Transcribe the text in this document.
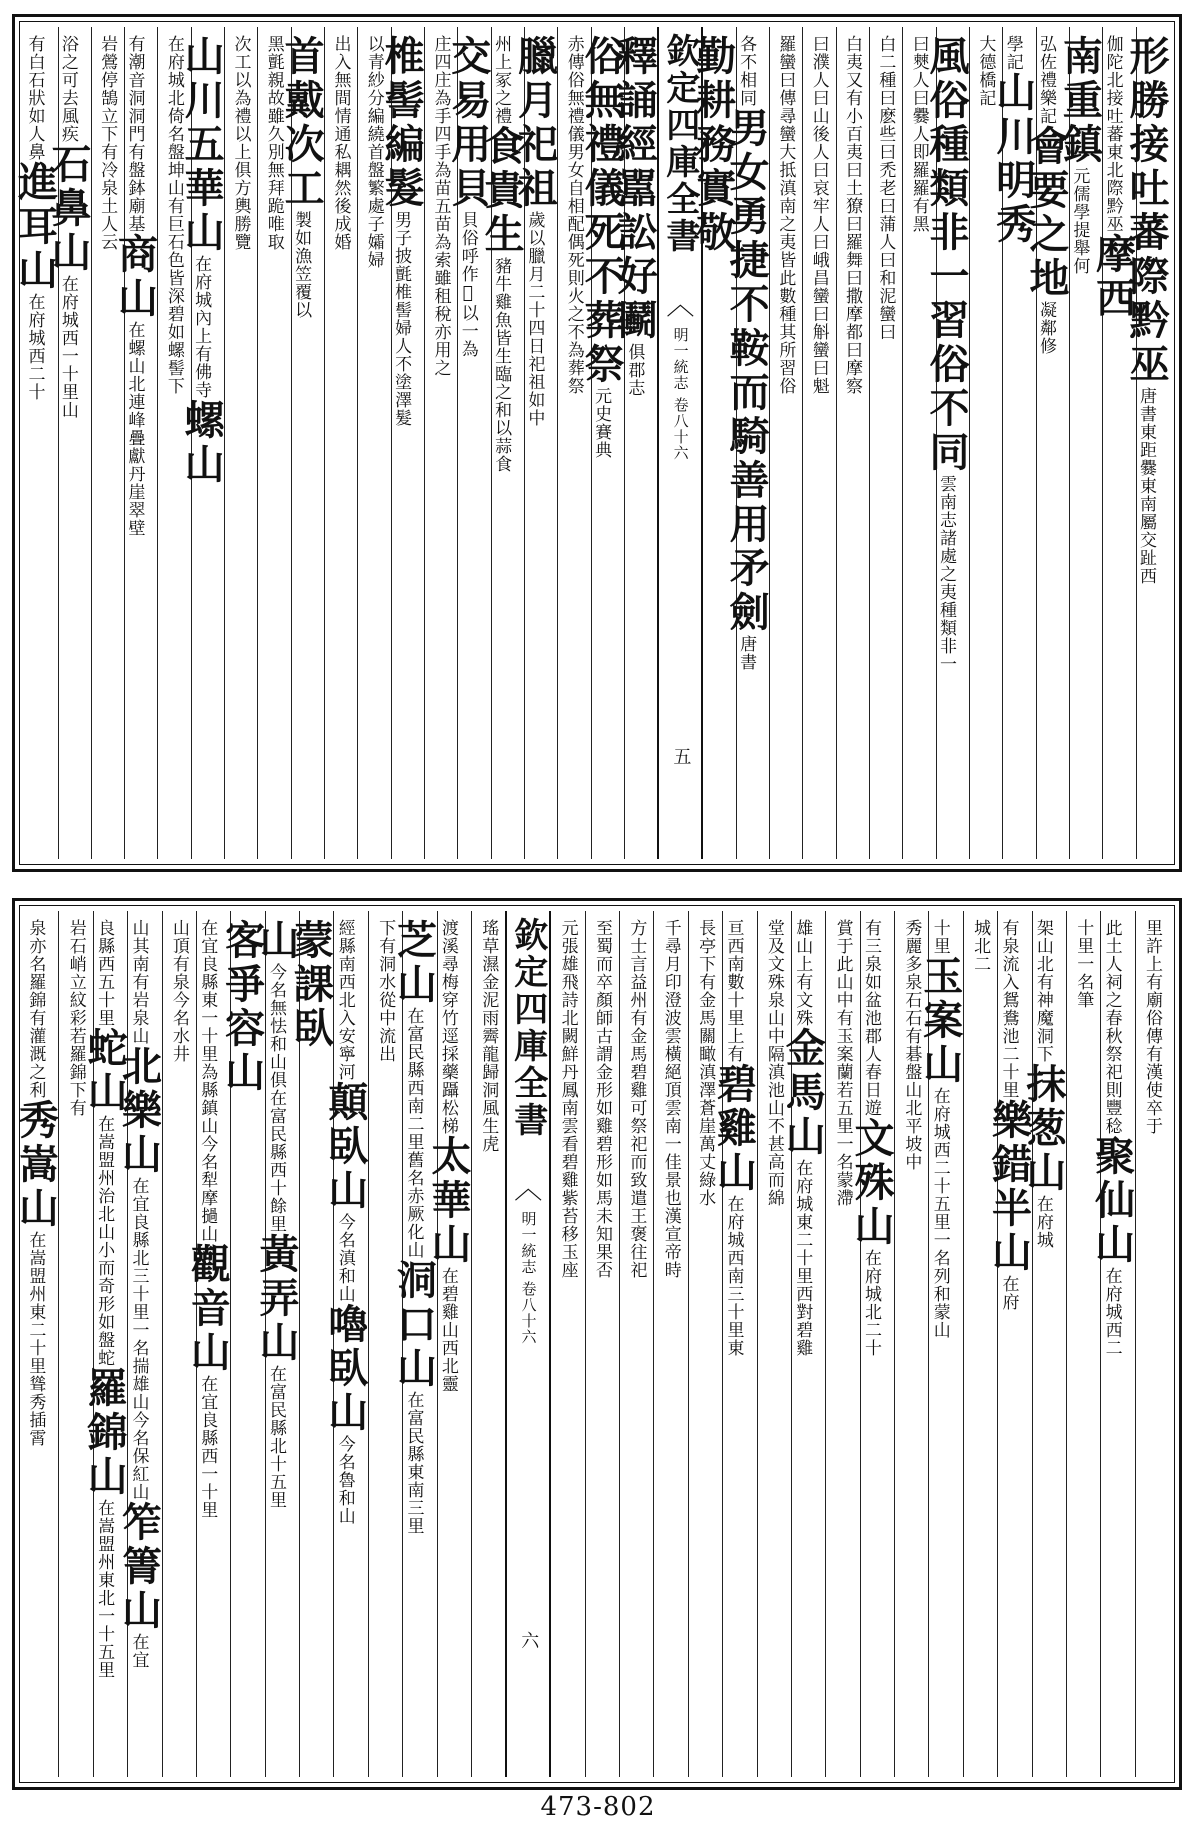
形勝接吐蕃際黔巫唐書東距爨東南屬交趾西
伽陀北接吐蕃東北際黔巫摩西
南重鎮元儒學提舉何
弘佐禮樂記會要之地凝鄰修
學記山川明秀
大德橋記
風俗種類非一習俗不同雲南志諸處之夷種類非一
曰僰人曰爨人即羅羅有黑
白二種曰麽些曰禿老曰蒲人曰和泥蠻曰
白夷又有小百夷曰土獠曰羅舞曰撒摩都曰摩察
曰濮人曰山後人曰哀牢人曰峨昌蠻曰斛蠻曰魁
羅蠻曰傳尋蠻大抵滇南之夷皆此數種其所習俗
各不相同男女勇捷不鞍而騎善用矛劍唐書
勤耕務實敬
欽定四庫全書
︿
明一統志 卷八十六
五
釋誦經嚚訟好鬬俱郡志
俗無禮儀死不葬祭元史賽典
赤傳俗無禮儀男女自相配偶死則火之不為葬祭
臘月祀祖歲以臘月二十四日祀祖如中
州上冢之禮食貴生豬牛雞魚皆生臨之和以蒜食
交易用貝貝俗呼作𧴩以一為
庄四庄為手四手為苗五苗為索雖租稅亦用之
椎髻編髮男子披氈椎髻婦人不塗澤髮
以青紗分編繞首盤繁處子孀婦
出入無間情通私耦然後成婚
首戴次工製如漁笠覆以
黑氈親故雖久別無拜跪唯取
次工以為禮以上俱方輿勝覽
山川五華山在府城內上有佛寺螺山
在府城北倚名盤坤山有巨石色皆深碧如螺髻下
有潮音洞洞門有盤鉢廟基商山在螺山北連峰疊獻丹崖翠壁
岩鶯停鵠立下有冷泉土人云
浴之可去風疾石鼻山在府城西一十里山
有白石狀如人鼻進耳山在府城西二十
里許上有廟俗傳有漢使卒于
此土人祠之春秋祭祀則豐稔聚仙山在府城西二
十里一名筆
架山北有神魔洞下抹葱山在府城
有泉流入鴛鴦池二十里樂錯半山在府
城北二
十里玉案山在府城西二十五里一名列和蒙山
秀麗多泉石石有碁盤山北平坡中
有三泉如盆池郡人春日遊文殊山在府城北二十
賞于此山中有玉案蘭若五里一名蒙滯
雄山上有文殊金馬山在府城東二十里西對碧雞
堂及文殊泉山中隔滇池山不甚高而綿
亘西南數十里上有碧雞山在府城西南三十里東
長亭下有金馬關瞰滇澤蒼崖萬丈綠水
千尋月印澄波雲橫絕頂雲南一佳景也漢宣帝時
方士言益州有金馬碧雞可祭祀而致遣王褒往祀
至蜀而卒顏師古謂金形如雞碧形如馬未知果否
元張雄飛詩北闕鮮丹鳳南雲看碧雞紫苔移玉座
欽定四庫全書
︿
明一統志 卷八十六
六
瑤草濕金泥雨霽龍歸洞風生虎
渡溪尋梅穿竹逕採藥躡松梯太華山在碧雞山西北靈
芝山在富民縣西南二里舊名赤厥化山洞口山在富民縣東南三里
下有洞水從中流出
經縣南西北入安寧河顛臥山今名滇和山嚕臥山今名魯和山
蒙課臥
山今名無怯和山俱在富民縣西十餘里黃弄山在富民縣北十五里
客爭容山
在宜良縣東一十里為縣鎮山今名犁摩撾山觀音山在宜良縣西一十里
山頂有泉今名水井
山其南有岩泉山北樂山在宜良縣北三十里一名揣雄山今名保紅山笮箐山在宜
良縣西五十里蛇山在嵩盟州治北山小而奇形如盤蛇羅錦山在嵩盟州東北一十五里
岩石峭立紋彩若羅錦下有
泉亦名羅錦有灌溉之利秀嵩山在嵩盟州東二十里聳秀插霄
473-802
